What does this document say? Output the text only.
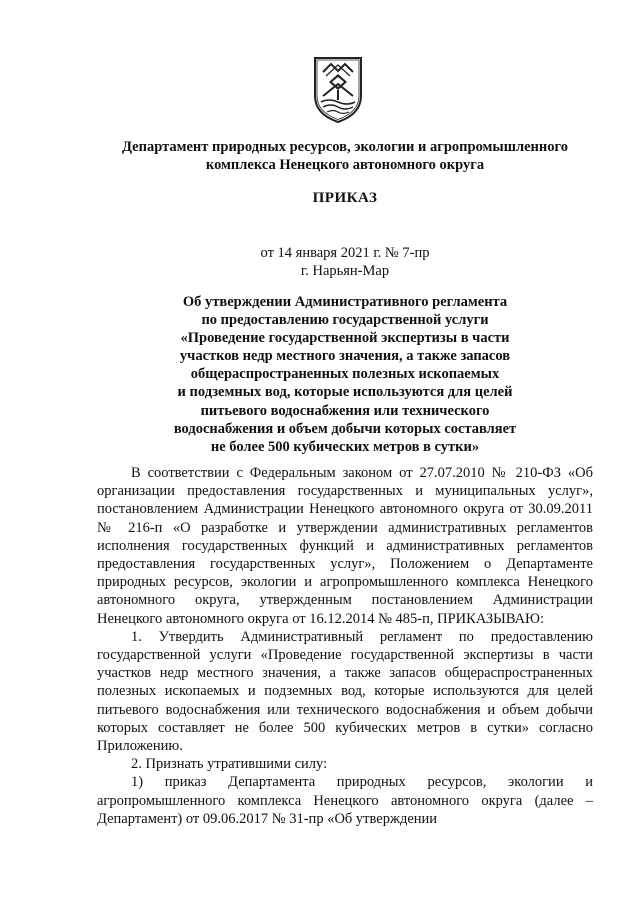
Департамент природных ресурсов, экологии и агропромышленного
комплекса Ненецкого автономного округа
ПРИКАЗ
от 14 января 2021 г. № 7-пр
г. Нарьян-Мар
Об утверждении Административного регламента
по предоставлению государственной услуги
«Проведение государственной экспертизы в части
участков недр местного значения, а также запасов
общераспространенных полезных ископаемых
и подземных вод, которые используются для целей
питьевого водоснабжения или технического
водоснабжения и объем добычи которых составляет
не более 500 кубических метров в сутки»

В соответствии с Федеральным законом от 27.07.2010 № 210-ФЗ «Об организации предоставления государственных и муниципальных услуг», постановлением Администрации Ненецкого автономного округа от 30.09.2011 № 216-п «О разработке и утверждении административных регламентов исполнения государственных функций и административных регламентов предоставления государственных услуг», Положением о Департаменте природных ресурсов, экологии и агропромышленного комплекса Ненецкого автономного округа, утвержденным постановлением Администрации Ненецкого автономного округа от 16.12.2014 № 485-п, ПРИКАЗЫВАЮ:

1. Утвердить Административный регламент по предоставлению государственной услуги «Проведение государственной экспертизы в части участков недр местного значения, а также запасов общераспространенных полезных ископаемых и подземных вод, которые используются для целей питьевого водоснабжения или технического водоснабжения и объем добычи которых составляет не более 500 кубических метров в сутки» согласно Приложению.

2. Признать утратившими силу:

1) приказ Департамента природных ресурсов, экологии и агропромышленного комплекса Ненецкого автономного округа (далее – Департамент) от 09.06.2017 № 31-пр «Об утверждении
